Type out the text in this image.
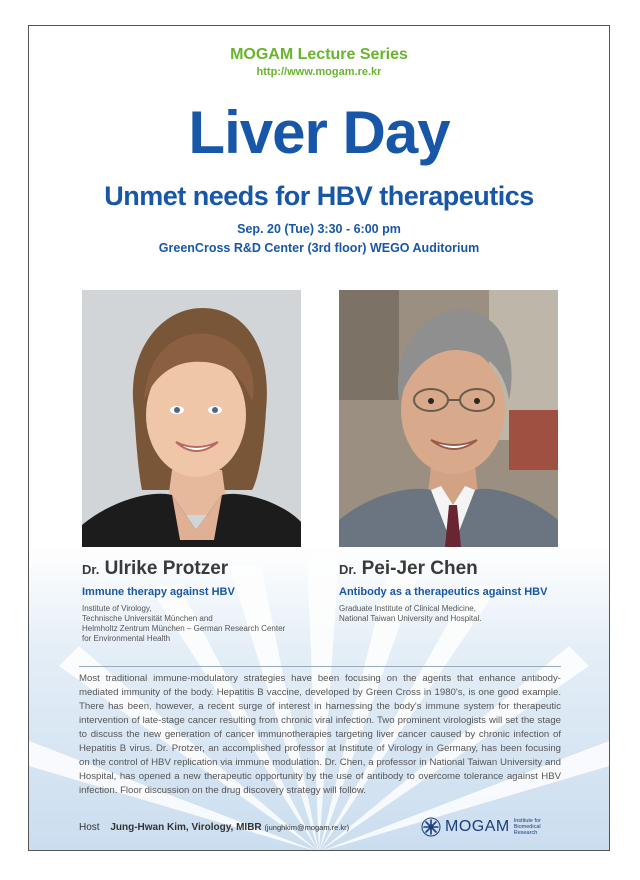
MOGAM Lecture Series
http://www.mogam.re.kr
Liver Day
Unmet needs for HBV therapeutics
Sep. 20 (Tue) 3:30 - 6:00 pm
GreenCross R&D Center (3rd floor) WEGO Auditorium
Dr. Ulrike Protzer
Immune therapy against HBV
Institute of Virology,
Technische Universität München and
Helmholtz Zentrum München – German Research Center
for Environmental Health
Dr. Pei-Jer Chen
Antibody as a therapeutics against HBV
Graduate Institute of Clinical Medicine,
National Taiwan University and Hospital.
Most traditional immune-modulatory strategies have been focusing on the agents that enhance antibody-mediated immunity of the body. Hepatitis B vaccine, developed by Green Cross in 1980's, is one good example. There has been, however, a recent surge of interest in harnessing the body's immune system for therapeutic intervention of late-stage cancer resulting from chronic viral infection. Two prominent virologists will set the stage to discuss the new generation of cancer immunotherapies targeting liver cancer caused by chronic infection of Hepatitis B virus. Dr. Protzer, an accomplished professor at Institute of Virology in Germany, has been focusing on the control of HBV replication via immune modulation. Dr. Chen, a professor in National Taiwan University and Hospital, has opened a new therapeutic opportunity by the use of antibody to overcome tolerance against HBV infection. Floor discussion on the drug discovery strategy will follow.
Host Jung-Hwan Kim, Virology, MIBR (junghkim@mogam.re.kr)	MOGAM Institute for Biomedical Research
